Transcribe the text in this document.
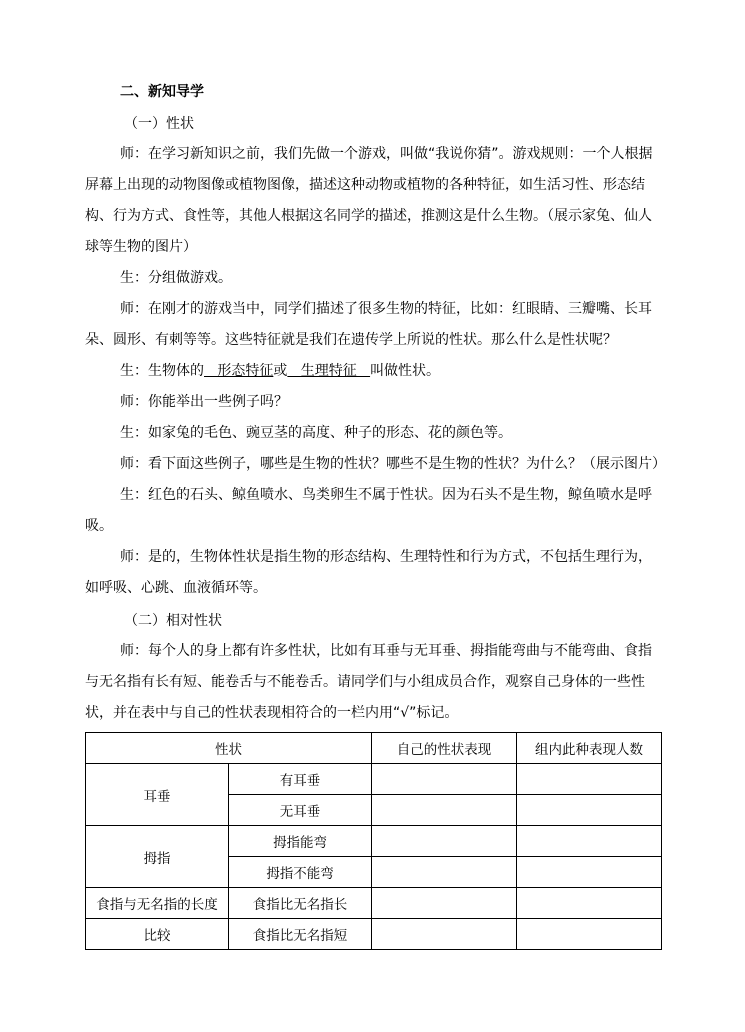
二、新知导学
（一）性状

师：在学习新知识之前，我们先做一个游戏，叫做“我说你猜”。游戏规则：一个人根据屏幕上出现的动物图像或植物图像，描述这种动物或植物的各种特征，如生活习性、形态结构、行为方式、食性等，其他人根据这名同学的描述，推测这是什么生物。（展示家兔、仙人球等生物的图片）

生：分组做游戏。

师：在刚才的游戏当中，同学们描述了很多生物的特征，比如：红眼睛、三瓣嘴、长耳朵、圆形、有刺等等。这些特征就是我们在遗传学上所说的性状。那么什么是性状呢？

生：生物体的   形态特征或   生理特征   叫做性状。

师：你能举出一些例子吗？

生：如家兔的毛色、豌豆茎的高度、种子的形态、花的颜色等。

师：看下面这些例子，哪些是生物的性状？哪些不是生物的性状？为什么？（展示图片）

生：红色的石头、鲸鱼喷水、鸟类卵生不属于性状。因为石头不是生物，鲸鱼喷水是呼吸。

师：是的，生物体性状是指生物的形态结构、生理特性和行为方式，不包括生理行为，如呼吸、心跳、血液循环等。

（二）相对性状

师：每个人的身上都有许多性状，比如有耳垂与无耳垂、拇指能弯曲与不能弯曲、食指与无名指有长有短、能卷舌与不能卷舌。请同学们与小组成员合作，观察自己身体的一些性状，并在表中与自己的性状表现相符合的一栏内用“√”标记。

性状		自己的性状表现	组内此种表现人数
耳垂	有耳垂		
	无耳垂		
拇指	拇指能弯		
	拇指不能弯		
食指与无名指的长度	食指比无名指长		
比较	食指比无名指短		
